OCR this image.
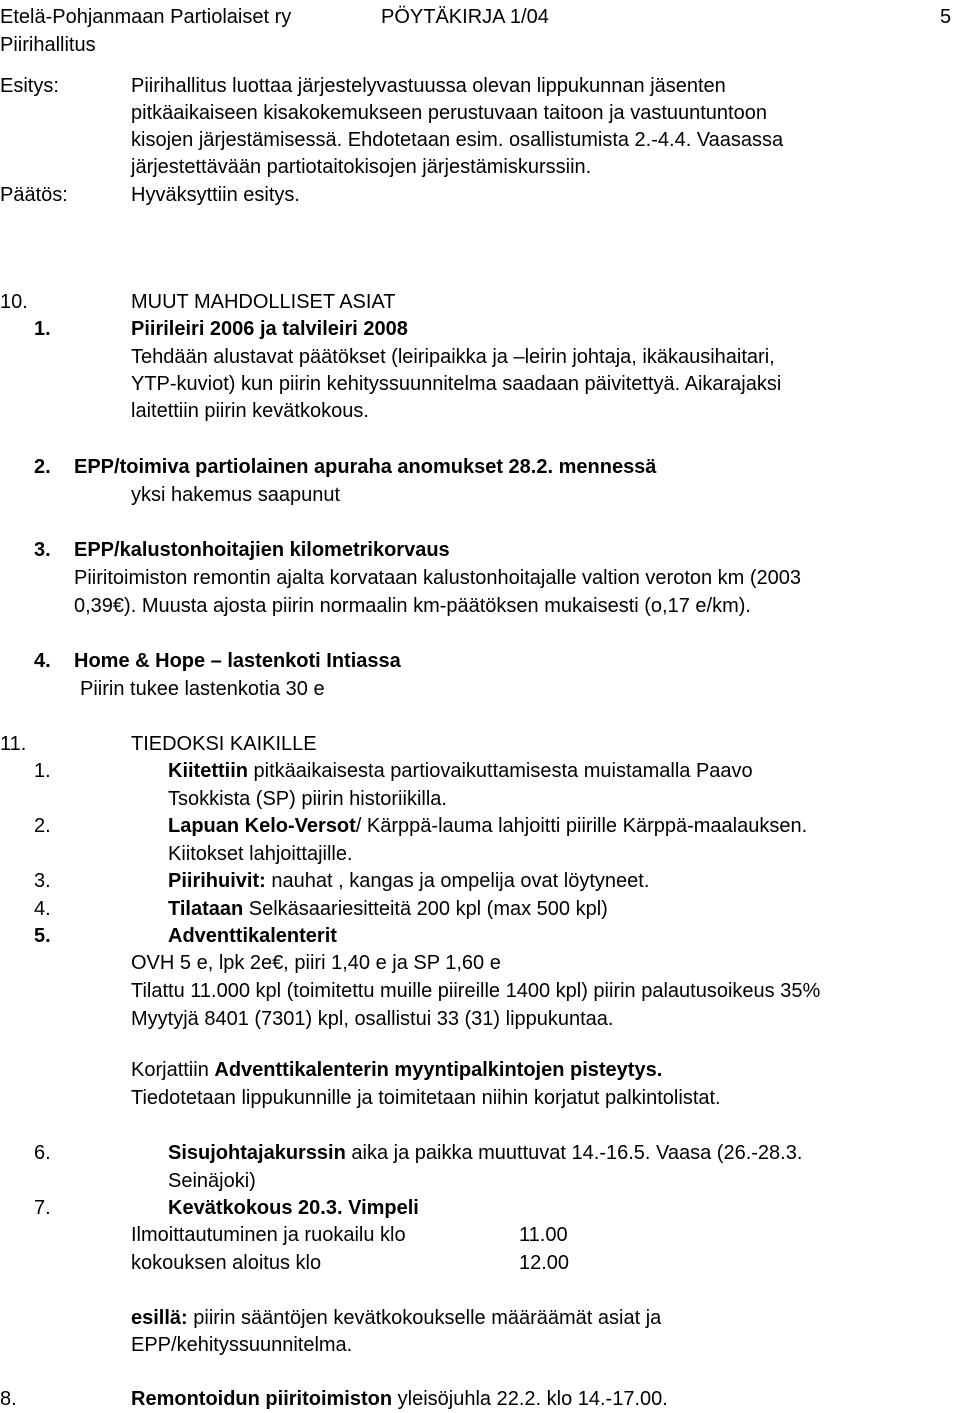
Etelä-Pohjanmaan Partiolaiset ry	PÖYTÄKIRJA 1/04	5
Piirihallitus
Esitys:	Piirihallitus luottaa järjestelyvastuussa olevan lippukunnan jäsenten
pitkäaikaiseen kisakokemukseen perustuvaan taitoon ja vastuuntuntoon
kisojen järjestämisessä. Ehdotetaan esim. osallistumista 2.-4.4. Vaasassa
järjestettävään partiotaitokisojen järjestämiskurssiin.
Päätös:	Hyväksyttiin esitys.
10.	MUUT MAHDOLLISET ASIAT
1.	Piirileiri 2006 ja talvileiri 2008
Tehdään alustavat päätökset (leiripaikka ja –leirin johtaja, ikäkausihaitari,
YTP-kuviot) kun piirin kehityssuunnitelma saadaan päivitettyä. Aikarajaksi
laitettiin piirin kevätkokous.
2. EPP/toimiva partiolainen apuraha anomukset 28.2. mennessä
yksi hakemus saapunut
3. EPP/kalustonhoitajien kilometrikorvaus
Piiritoimiston remontin ajalta korvataan kalustonhoitajalle valtion veroton km (2003
0,39€). Muusta ajosta piirin normaalin km-päätöksen mukaisesti (o,17 e/km).
4. Home & Hope – lastenkoti Intiassa
Piirin tukee lastenkotia 30 e
11.	TIEDOKSI KAIKILLE
1.	Kiitettiin pitkäaikaisesta partiovaikuttamisesta muistamalla Paavo
Tsokkista (SP) piirin historiikilla.
2.	Lapuan Kelo-Versot/ Kärppä-lauma lahjoitti piirille Kärppä-maalauksen.
Kiitokset lahjoittajille.
3.	Piirihuivit: nauhat , kangas ja ompelija ovat löytyneet.
4.	Tilataan Selkäsaariesitteitä 200 kpl (max 500 kpl)
5.	Adventtikalenterit
OVH 5 e, lpk 2e€, piiri 1,40 e ja SP 1,60 e
Tilattu 11.000 kpl (toimitettu muille piireille 1400 kpl) piirin palautusoikeus 35%
Myytyjä 8401 (7301) kpl, osallistui 33 (31) lippukuntaa.
Korjattiin Adventtikalenterin myyntipalkintojen pisteytys.
Tiedotetaan lippukunnille ja toimitetaan niihin korjatut palkintolistat.
6.	Sisujohtajakurssin aika ja paikka muuttuvat 14.-16.5. Vaasa (26.-28.3.
Seinäjoki)
7.	Kevätkokous 20.3. Vimpeli
Ilmoittautuminen ja ruokailu klo	11.00
kokouksen aloitus klo	12.00
esillä: piirin sääntöjen kevätkokoukselle määräämät asiat ja
EPP/kehityssuunnitelma.
8.	Remontoidun piiritoimiston yleisöjuhla 22.2. klo 14.-17.00.
